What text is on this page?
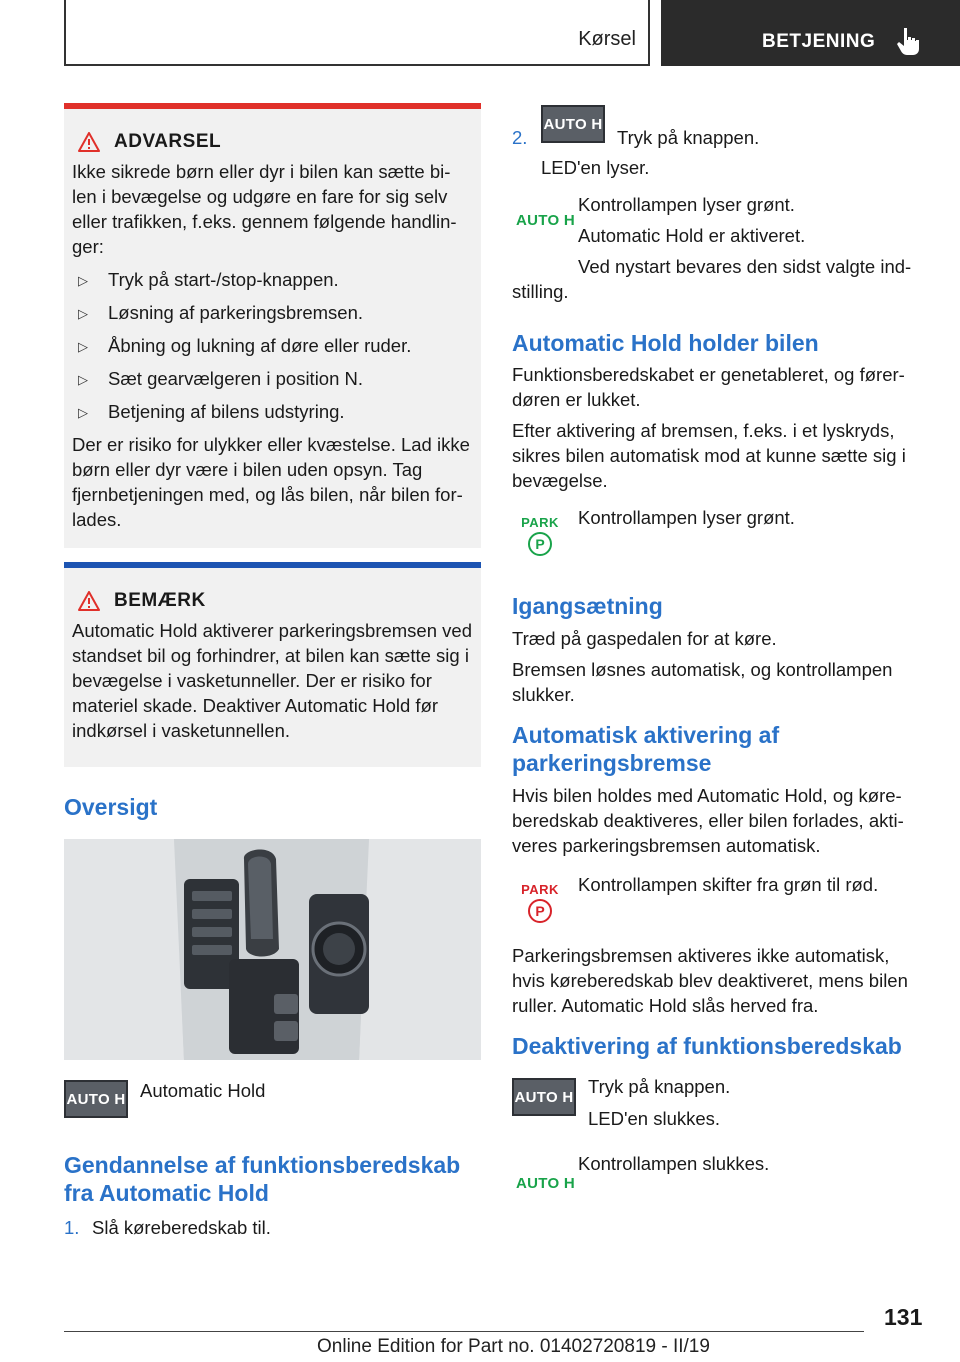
Kørsel	BETJENING
ADVARSEL
Ikke sikrede børn eller dyr i bilen kan sætte bi-len i bevægelse og udgøre en fare for sig selv eller trafikken, f.eks. gennem følgende handlin-ger:
▷	Tryk på start-/stop-knappen.
▷	Løsning af parkeringsbremsen.
▷	Åbning og lukning af døre eller ruder.
▷	Sæt gearvælgeren i position N.
▷	Betjening af bilens udstyring.
Der er risiko for ulykker eller kvæstelse. Lad ikke børn eller dyr være i bilen uden opsyn. Tag fjernbetjeningen med, og lås bilen, når bilen for-lades.
BEMÆRK
Automatic Hold aktiverer parkeringsbremsen ved standset bil og forhindrer, at bilen kan sætte sig i bevægelse i vasketunneller. Der er risiko for materiel skade. Deaktiver Automatic Hold før indkørsel i vasketunnellen.
Oversigt
AUTO H Automatic Hold
Gendannelse af funktionsberedskab fra Automatic Hold
1. Slå køreberedskab til.
2.
AUTO H
Tryk på knappen.
LED'en lyser.
AUTO H
Kontrollampen lyser grønt.
Automatic Hold er aktiveret.
Ved nystart bevares den sidst valgte ind-
stilling.
Automatic Hold holder bilen
Funktionsberedskabet er genetableret, og fører-døren er lukket.
Efter aktivering af bremsen, f.eks. i et lyskryds, sikres bilen automatisk mod at kunne sætte sig i bevægelse.
PARK
P
Kontrollampen lyser grønt.
Igangsætning
Træd på gaspedalen for at køre.
Bremsen løsnes automatisk, og kontrollampen slukker.
Automatisk aktivering af parkeringsbremse
Hvis bilen holdes med Automatic Hold, og køre-beredskab deaktiveres, eller bilen forlades, akti-veres parkeringsbremsen automatisk.
PARK
P
Kontrollampen skifter fra grøn til rød.
Parkeringsbremsen aktiveres ikke automatisk, hvis køreberedskab blev deaktiveret, mens bilen ruller. Automatic Hold slås herved fra.
Deaktivering af funktionsberedskab
AUTO H Tryk på knappen.
LED'en slukkes.
AUTO H
Kontrollampen slukkes.
131
Online Edition for Part no. 01402720819 - II/19
